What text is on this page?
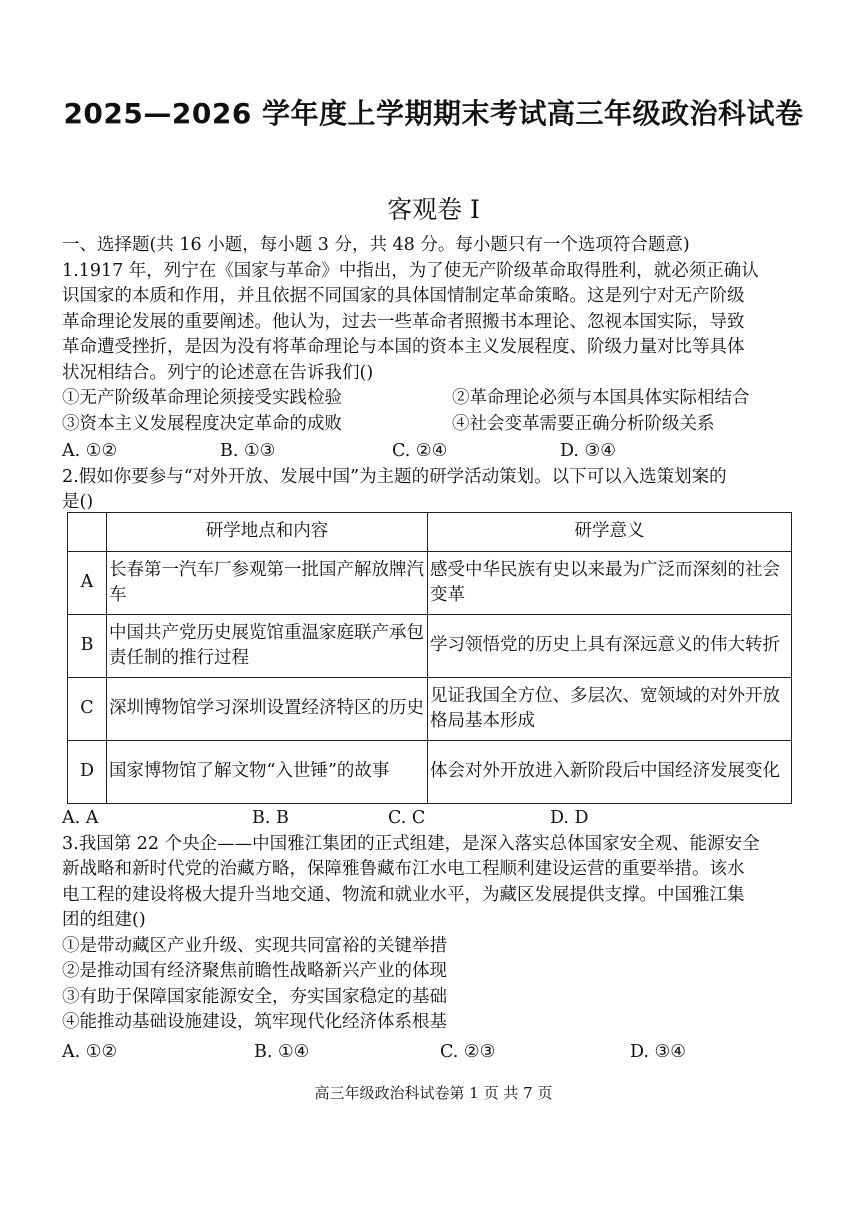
2025—2026 学年度上学期期末考试高三年级政治科试卷
客观卷 I
一、选择题(共 16 小题，每小题 3 分，共 48 分。每小题只有一个选项符合题意)
1.1917 年，列宁在《国家与革命》中指出，为了使无产阶级革命取得胜利，就必须正确认
识国家的本质和作用，并且依据不同国家的具体国情制定革命策略。这是列宁对无产阶级
革命理论发展的重要阐述。他认为，过去一些革命者照搬书本理论、忽视本国实际，导致
革命遭受挫折，是因为没有将革命理论与本国的资本主义发展程度、阶级力量对比等具体
状况相结合。列宁的论述意在告诉我们()
①无产阶级革命理论须接受实践检验	②革命理论必须与本国具体实际相结合
③资本主义发展程度决定革命的成败	④社会变革需要正确分析阶级关系
A. ①②	B. ①③	C. ②④	D. ③④
2.假如你要参与“对外开放、发展中国”为主题的研学活动策划。以下可以入选策划案的
是()
	研学地点和内容	研学意义
A	长春第一汽车厂参观第一批国产解放牌汽车	感受中华民族有史以来最为广泛而深刻的社会变革
B	中国共产党历史展览馆重温家庭联产承包责任制的推行过程	学习领悟党的历史上具有深远意义的伟大转折
C	深圳博物馆学习深圳设置经济特区的历史	见证我国全方位、多层次、宽领域的对外开放格局基本形成
D	国家博物馆了解文物“入世锤”的故事	体会对外开放进入新阶段后中国经济发展变化
A. A	B. B	C. C	D. D
3.我国第 22 个央企——中国雅江集团的正式组建，是深入落实总体国家安全观、能源安全
新战略和新时代党的治藏方略，保障雅鲁藏布江水电工程顺利建设运营的重要举措。该水
电工程的建设将极大提升当地交通、物流和就业水平，为藏区发展提供支撑。中国雅江集
团的组建()
①是带动藏区产业升级、实现共同富裕的关键举措
②是推动国有经济聚焦前瞻性战略新兴产业的体现
③有助于保障国家能源安全，夯实国家稳定的基础
④能推动基础设施建设，筑牢现代化经济体系根基
A. ①②	B. ①④	C. ②③	D. ③④
高三年级政治科试卷第 1 页 共 7 页
